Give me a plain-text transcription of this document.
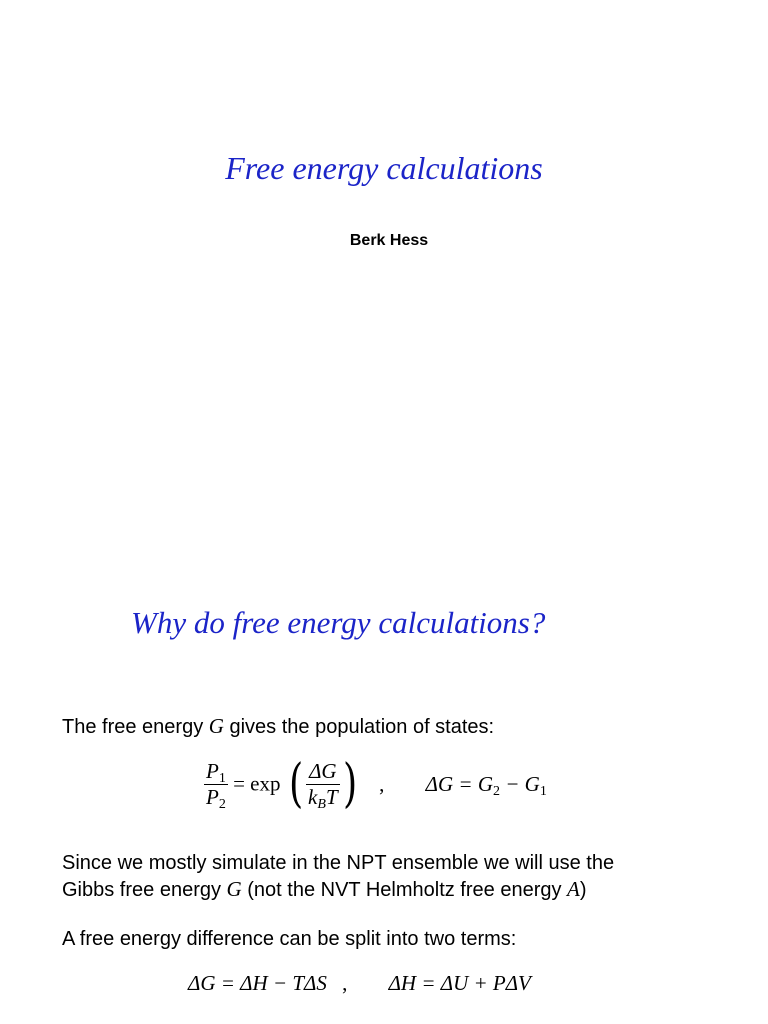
Free energy calculations
Berk Hess
Why do free energy calculations?
The free energy G gives the population of states:
$\frac{P_1}{P_2} = \exp$ ( $\frac{\Delta G}{k_BT}$ ) , $\Delta G = G_2 - G_1$
Since we mostly simulate in the NPT ensemble we will use the
Gibbs free energy G (not the NVT Helmholtz free energy A)
A free energy difference can be split into two terms:
ΔG = ΔH − TΔS , ΔH = ΔU + PΔV
